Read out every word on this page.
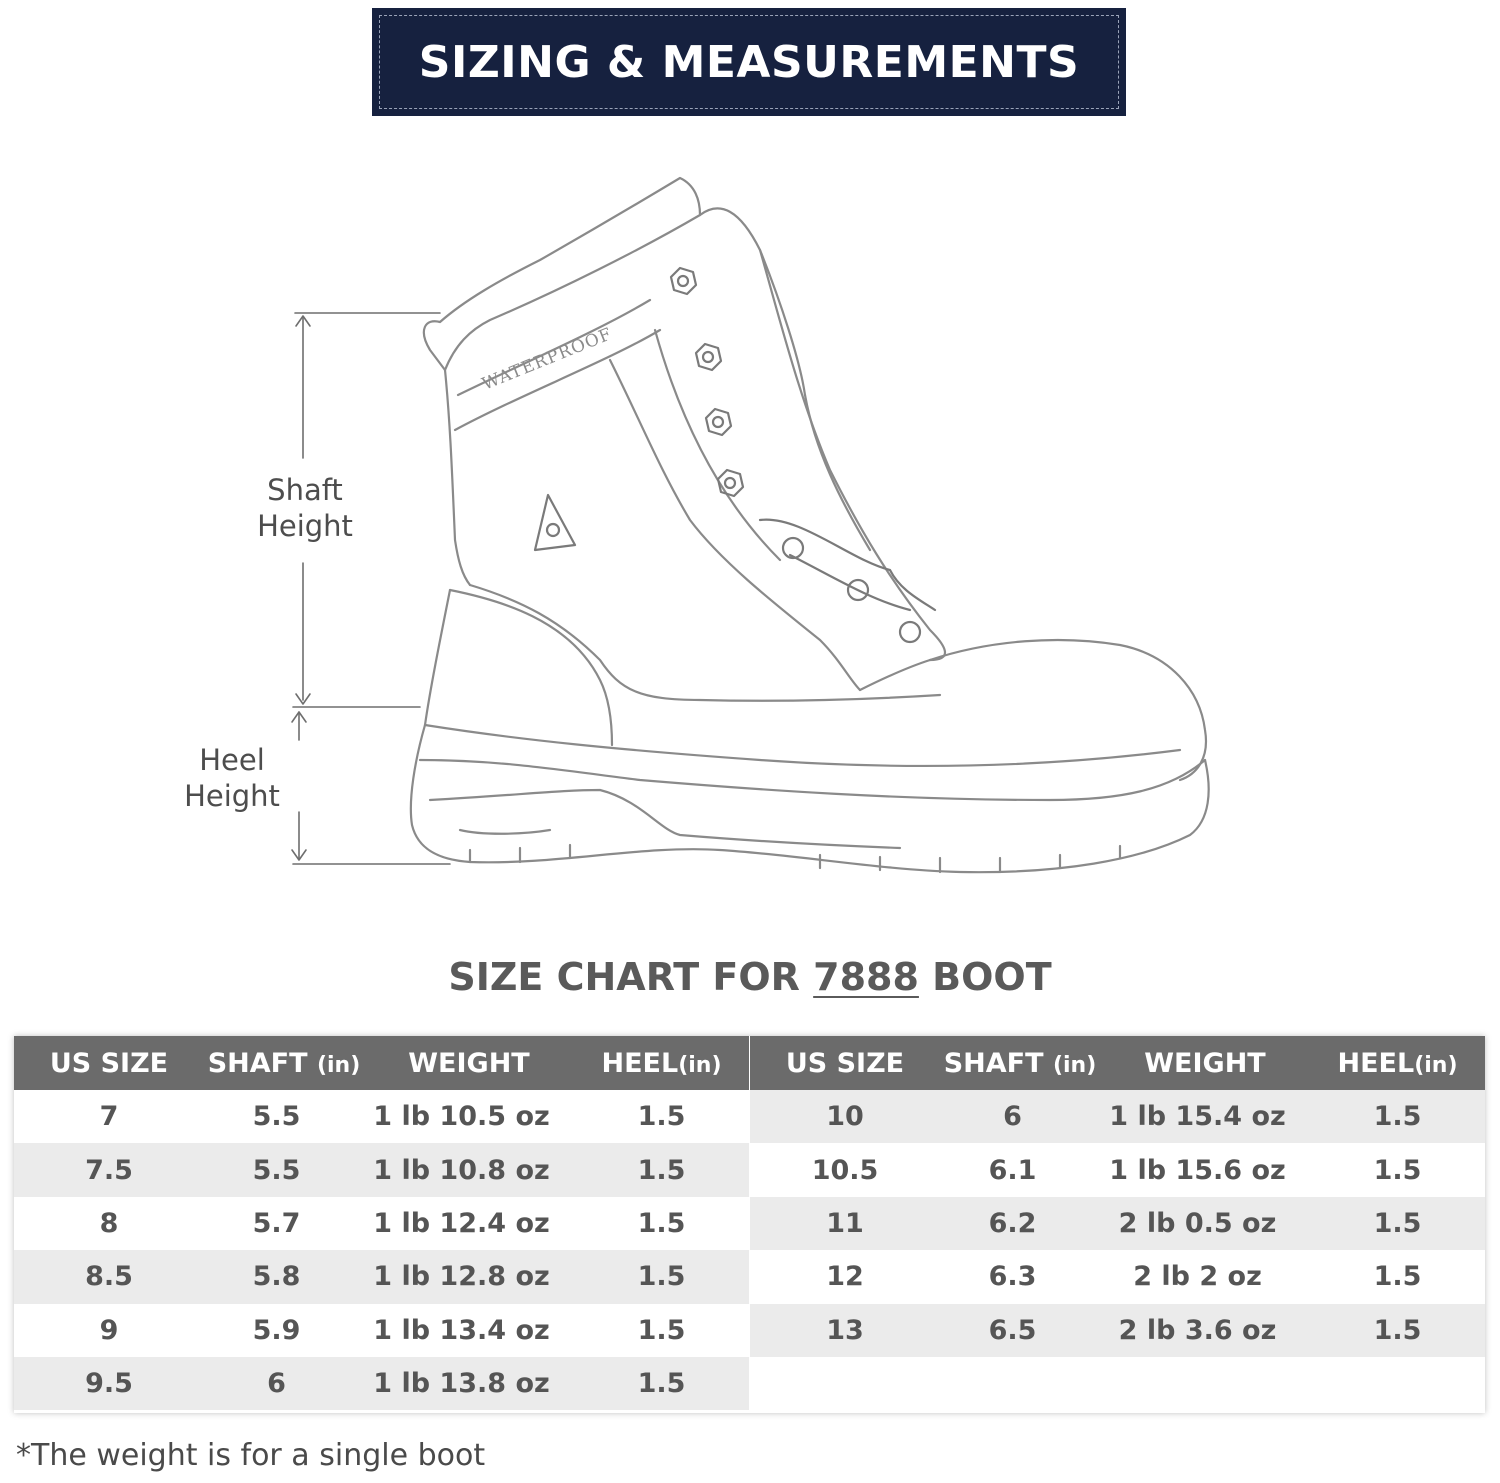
SIZING & MEASUREMENTS
WATERPROOF
Shaft
Height
Heel
Height
SIZE CHART FOR 7888 BOOT
US SIZE	SHAFT (in)	WEIGHT	HEEL(in)
7	5.5	1 lb 10.5 oz	1.5
7.5	5.5	1 lb 10.8 oz	1.5
8	5.7	1 lb 12.4 oz	1.5
8.5	5.8	1 lb 12.8 oz	1.5
9	5.9	1 lb 13.4 oz	1.5
9.5	6	1 lb 13.8 oz	1.5
US SIZE	SHAFT (in)	WEIGHT	HEEL(in)
10	6	1 lb 15.4 oz	1.5
10.5	6.1	1 lb 15.6 oz	1.5
11	6.2	2 lb 0.5 oz	1.5
12	6.3	2 lb 2 oz	1.5
13	6.5	2 lb 3.6 oz	1.5
*The weight is for a single boot
